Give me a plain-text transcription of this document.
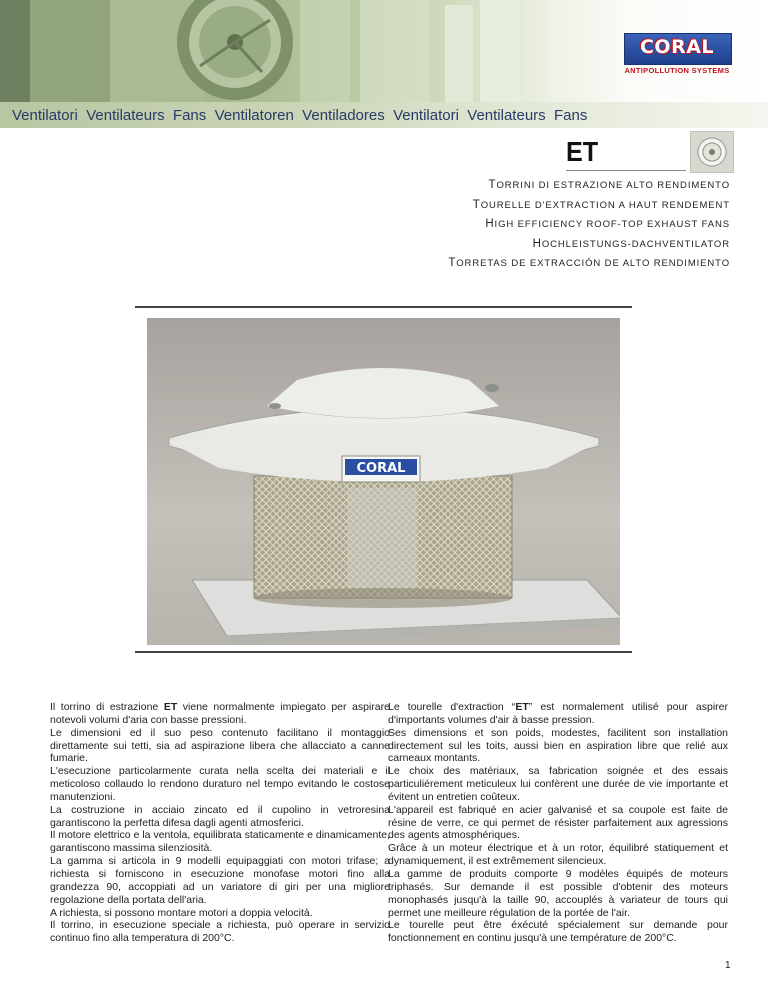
CORAL
ANTIPOLLUTION SYSTEMS
Ventilatori  Ventilateurs  Fans  Ventilatoren  Ventiladores  Ventilatori  Ventilateurs  Fans
ET
TORRINI DI ESTRAZIONE ALTO RENDIMENTO
TOURELLE D'EXTRACTION A HAUT RENDEMENT
HIGH EFFICIENCY ROOF-TOP EXHAUST FANS
HOCHLEISTUNGS-DACHVENTILATOR
TORRETAS DE EXTRACCIÓN DE ALTO RENDIMIENTO
CORAL

Il torrino di estrazione ET viene normalmente impiegato per aspirare notevoli volumi d'aria con basse pressioni.

Le dimensioni ed il suo peso contenuto facilitano il montaggio direttamente sui tetti, sia ad aspirazione libera che allacciato a canne fumarie.

L'esecuzione particolarmente curata nella scelta dei materiali e il meticoloso collaudo lo rendono duraturo nel tempo evitando le costose manutenzioni.

La costruzione in acciaio zincato ed il cupolino in vetroresina garantiscono la perfetta difesa dagli agenti atmosferici.

Il motore elettrico e la ventola, equilibrata staticamente e dinamicamente, garantiscono massima silenziosità.

La gamma si articola in 9 modelli equipaggiati con motori trifase; a richiesta si forniscono in esecuzione monofase motori fino alla grandezza 90, accoppiati ad un variatore di giri per una migliore regolazione della portata dell'aria.

A richiesta, si possono montare motori a doppia velocità.

Il torrino, in esecuzione speciale a richiesta, può operare in servizio continuo fino alla temperatura di 200°C.

Le tourelle d'extraction “ET” est normalement utilisé pour aspirer d'importants volumes d'air à basse pression.

Ses dimensions et son poids, modestes, facilitent son installation directement sul les toits, aussi bien en aspiration libre que relié aux carneaux montants.

Le choix des matériaux, sa fabrication soignée et des essais particuliérement meticuleux lui confèrent une durée de vie importante et évitent un entretien coûteux.

L'appareil est fabriqué en acier galvanisé et sa coupole est faite de résine de verre, ce qui permet de résister parfaitement aux agressions des agents atmosphériques.

Grâce à un moteur électrique et à un rotor, équilibré statiquement et dynamiquement, il est extrêmement silencieux.

La gamme de produits comporte 9 modèles équipés de moteurs triphasés. Sur demande il est possible d'obtenir des moteurs monophasés jusqu'à la taille 90, accouplés à variateur de tours qui permet une meilleure régulation de la portée de l'air.

Le tourelle peut être éxécuté spécialement sur demande pour fonctionnement en continu jusqu'à une température de 200°C.

1
